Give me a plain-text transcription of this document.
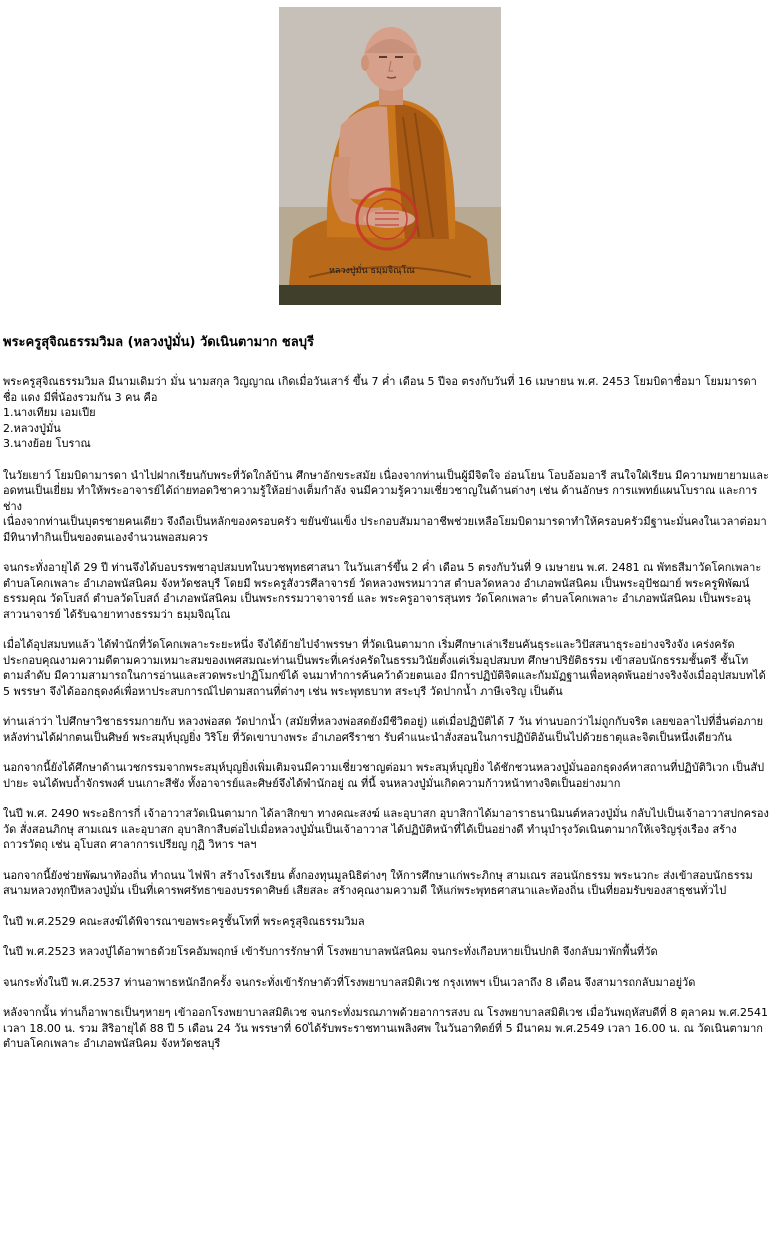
หลวงปู่มั่น ธมฺมจิณฺโณ
พระครูสุจิณธรรมวิมล (หลวงปู่มั่น) วัดเนินตามาก ชลบุรี

พระครูสุจิณธรรมวิมล มีนามเดิมว่า มั่น นามสกุล วิญญาณ เกิดเมื่อวันเสาร์ ขึ้น 7 ค่ำ เดือน 5 ปีจอ ตรงกับวันที่ 16 เมษายน พ.ศ. 2453 โยมบิดาชื่อมา โยมมารดาชื่อ แดง มีพี่น้องรวมกัน 3 คน คือ

1.นางเทียม เอมเปีย
2.หลวงปู่มั่น
3.นางย้อย โบราณ

ในวัยเยาว์ โยมบิดามารดา นำไปฝากเรียนกับพระที่วัดใกล้บ้าน ศึกษาอักขระสมัย เนื่องจากท่านเป็นผู้มีจิตใจ อ่อนโยน โอบอ้อมอารี สนใจใฝ่เรียน มีความพยายามและอดทนเป็นเยี่ยม ทำให้พระอาจารย์ได้ถ่ายทอดวิชาความรู้ให้อย่างเต็มกำลัง จนมีความรู้ความเชี่ยวชาญในด้านต่างๆ เช่น ด้านอักษร การแพทย์แผนโบราณ และการช่าง

เนื่องจากท่านเป็นบุตรชายคนเดียว จึงถือเป็นหลักของครอบครัว ขยันขันแข็ง ประกอบสัมมาอาชีพช่วยเหลือโยมบิดามารดาทำให้ครอบครัวมีฐานะมั่นคงในเวลาต่อมา มีทินาทำกินเป็นของตนเองจำนวนพอสมควร

จนกระทั่งอายุได้ 29 ปี ท่านจึงได้บอบรรพชาอุปสมบทในบวชพุทธศาสนา ในวันเสาร์ขึ้น 2 ค่ำ เดือน 5 ตรงกับวันที่ 9 เมษายน พ.ศ. 2481 ณ พัทธสีมาวัดโคกเพลาะ ตำบลโคกเพลาะ อำเภอพนัสนิคม จังหวัดชลบุรี โดยมี พระครูสังวรศีลาจารย์ วัดหลวงพรหมาวาส ตำบลวัดหลวง อำเภอพนัสนิคม เป็นพระอุปัชฌาย์ พระครูพิพัฒน์ธรรมคุณ วัดโบสถ์ ตำบลวัดโบสถ์ อำเภอพนัสนิคม เป็นพระกรรมวาจาจารย์ และ พระครูอาจารสุนทร วัดโคกเพลาะ ตำบลโคกเพลาะ อำเภอพนัสนิคม เป็นพระอนุสาวนาจารย์ ได้รับฉายาทางธรรมว่า ธมฺมจิณฺโณ

เมื่อได้อุปสมบทแล้ว ได้พำนักที่วัดโคกเพลาะระยะหนึ่ง จึงได้ย้ายไปจำพรรษา ที่วัดเนินตามาก เริ่มศึกษาเล่าเรียนคันธุระและวิปัสสนาธุระอย่างจริงจัง เคร่งครัด ประกอบคุณงามความดีตามความเหมาะสมของเพศสมณะท่านเป็นพระที่เคร่งครัดในธรรมวินัยตั้งแต่เริ่มอุปสมบท ศึกษาปริยัติธรรม เข้าสอบนักธรรมชั้นตรี ชั้นโท ตามลำดับ มีความสามารถในการอ่านและสวดพระปาฏิโมกข์ได้ จนมาทำการค้นคว้าด้วยตนเอง มีการปฏิบัติจิตและกัมมัฏฐานเพื่อหลุดพ้นอย่างจริงจังเมื่ออุปสมบทได้ 5 พรรษา จึงได้ออกธุดงค์เพื่อหาประสบการณ์ไปตามสถานที่ต่างๆ เช่น พระพุทธบาท สระบุรี วัดปากน้ำ ภาษีเจริญ เป็นต้น

ท่านเล่าว่า ไปศึกษาวิชาธรรมกายกับ หลวงพ่อสด วัดปากน้ำ (สมัยที่หลวงพ่อสดยังมีชีวิตอยู่) แต่เมื่อปฏิบัติได้ 7 วัน ท่านบอกว่าไม่ถูกกับจริต เลยขอลาไปที่อื่นต่อภายหลังท่านได้ฝากตนเป็นศิษย์ พระสมุห์บุญยิ่ง วิริโย ที่วัดเขาบางพระ อำเภอศรีราชา รับคำแนะนำสั่งสอนในการปฏิบัติอันเป็นไปด้วยธาตุและจิตเป็นหนึ่งเดียวกัน

นอกจากนี้ยังได้ศึกษาด้านเวชกรรมจากพระสมุห์บุญยิ่งเพิ่มเติมจนมีความเชี่ยวชาญต่อมา พระสมุห์บุญยิ่ง ได้ชักชวนหลวงปู่มั่นออกธุดงค์หาสถานที่ปฏิบัติวิเวก เป็นสัปปายะ จนได้พบถ้ำจักรพงศ์ บนเกาะสีชัง ทั้งอาจารย์และศิษย์จึงได้พำนักอยู่ ณ ที่นี้ จนหลวงปู่มั่นเกิดความก้าวหน้าทางจิตเป็นอย่างมาก

ในปี พ.ศ. 2490 พระอธิการกี่ เจ้าอาวาสวัดเนินตามาก ได้ลาสิกขา ทางคณะสงฆ์ และอุบาสก อุบาสิกาได้มาอาราธนานิมนต์หลวงปู่มั่น กลับไปเป็นเจ้าอาวาสปกครองวัด สั่งสอนภิกษุ สามเณร และอุบาสก อุบาสิกาสืบต่อไปเมื่อหลวงปู่มั่นเป็นเจ้าอาวาส ได้ปฏิบัติหน้าที่ได้เป็นอย่างดี ทำนุบำรุงวัดเนินตามากให้เจริญรุ่งเรือง สร้างถาวรวัตถุ เช่น อุโบสถ ศาลาการเปรียญ กุฏิ วิหาร ฯลฯ

นอกจากนี้ยังช่วยพัฒนาท้องถิ่น ทำถนน ไฟฟ้า สร้างโรงเรียน ตั้งกองทุนมูลนิธิต่างๆ ให้การศึกษาแก่พระภิกษุ สามเณร สอนนักธรรม พระนวกะ ส่งเข้าสอบนักธรรมสนามหลวงทุกปีหลวงปู่มั่น เป็นที่เคารพศรัทธาของบรรดาศิษย์ เสียสละ สร้างคุณงามความดี ให้แก่พระพุทธศาสนาและท้องถิ่น เป็นที่ยอมรับของสาธุชนทั่วไป

ในปี พ.ศ.2529 คณะสงฆ์ได้พิจารณาขอพระครูชั้นโทที่ พระครูสุจิณธรรมวิมล

ในปี พ.ศ.2523 หลวงปู่ได้อาพาธด้วยโรคอัมพฤกษ์ เข้ารับการรักษาที่ โรงพยาบาลพนัสนิคม จนกระทั่งเกือบหายเป็นปกติ จึงกลับมาพักพื้นที่วัด

จนกระทั่งในปี พ.ศ.2537 ท่านอาพาธหนักอีกครั้ง จนกระทั่งเข้ารักษาตัวที่โรงพยาบาลสมิติเวช กรุงเทพฯ เป็นเวลาถึง 8 เดือน จึงสามารถกลับมาอยู่วัด

หลังจากนั้น ท่านก็อาพาธเป็นๆหายๆ เข้าออกโรงพยาบาลสมิติเวช จนกระทั่งมรณภาพด้วยอาการสงบ ณ โรงพยาบาลสมิติเวช เมื่อวันพฤหัสบดีที่ 8 ตุลาคม พ.ศ.2541 เวลา 18.00 น. รวม สิริอายุได้ 88 ปี 5 เดือน 24 วัน พรรษาที่ 60ได้รับพระราชทานเพลิงศพ ในวันอาทิตย์ที่ 5 มีนาคม พ.ศ.2549 เวลา 16.00 น. ณ วัดเนินตามาก ตำบลโคกเพลาะ อำเภอพนัสนิคม จังหวัดชลบุรี
